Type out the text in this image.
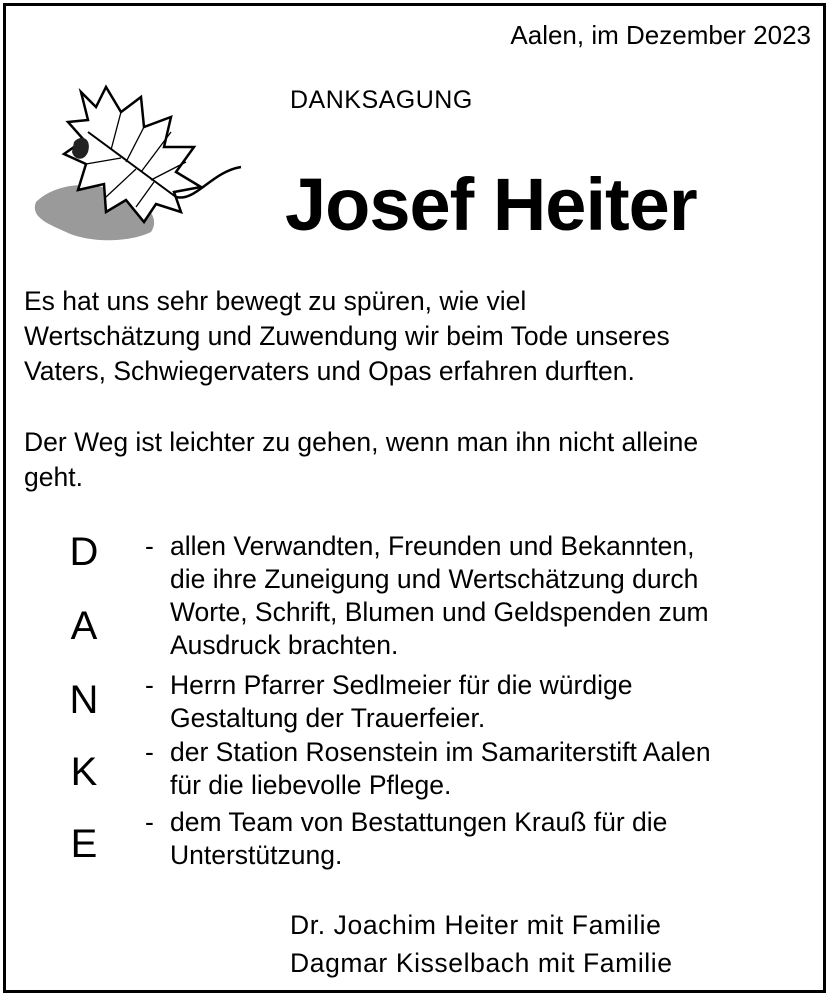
Aalen, im Dezember 2023
DANKSAGUNG
Josef Heiter

Es hat uns sehr bewegt zu spüren, wie viel
Wertschätzung und Zuwendung wir beim Tode unseres
Vaters, Schwiegervaters und Opas erfahren durften.

Der Weg ist leichter zu gehen, wenn man ihn nicht alleine
geht.

D
A
N
K
E
- allen Verwandten, Freunden und Bekannten,
die ihre Zuneigung und Wertschätzung durch
Worte, Schrift, Blumen und Geldspenden zum
Ausdruck brachten.
- Herrn Pfarrer Sedlmeier für die würdige
Gestaltung der Trauerfeier.
- der Station Rosenstein im Samariterstift Aalen
für die liebevolle Pflege.
- dem Team von Bestattungen Krauß für die
Unterstützung.
Dr. Joachim Heiter mit Familie
Dagmar Kisselbach mit Familie
